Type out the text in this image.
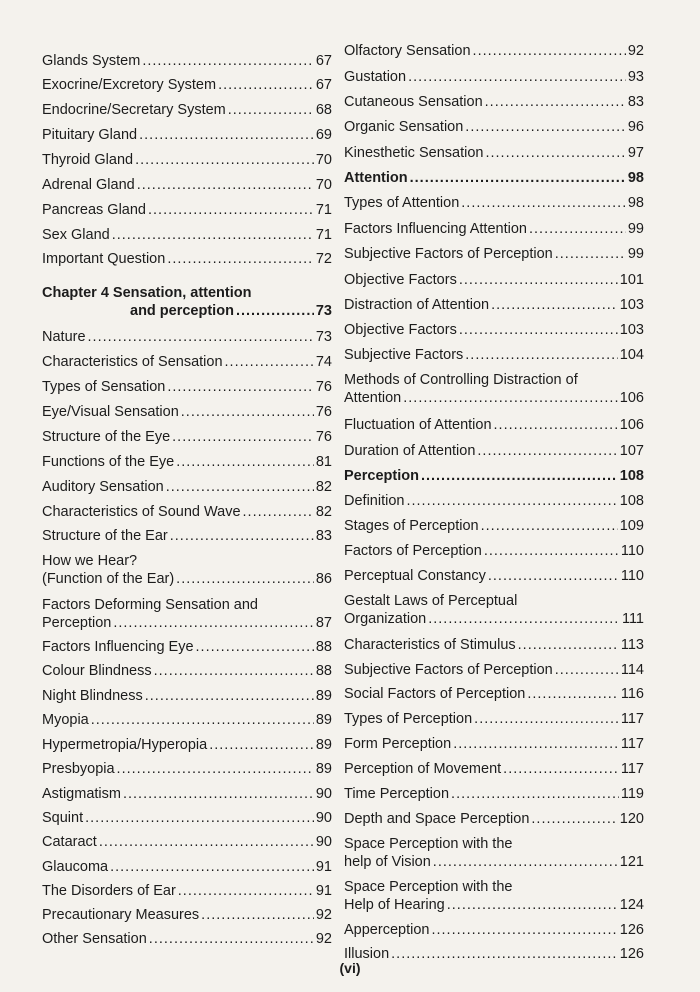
Glands System .....	67
Exocrine/Excretory System .....	67
Endocrine/Secretary System .....	68
Pituitary Gland .....	69
Thyroid Gland .....	70
Adrenal Gland .....	70
Pancreas Gland .....	71
Sex Gland .....	71
Important Question .....	72
Chapter 4 Sensation, attention
and perception .....	73
Nature .....	73
Characteristics of Sensation .....	74
Types of Sensation .....	76
Eye/Visual Sensation .....	76
Structure of the Eye .....	76
Functions of the Eye .....	81
Auditory Sensation .....	82
Characteristics of Sound Wave .....	82
Structure of the Ear .....	83
How we Hear?
(Function of the Ear) .....	86
Factors Deforming Sensation and
Perception .....	87
Factors Influencing Eye .....	88
Colour Blindness .....	88
Night Blindness .....	89
Myopia .....	89
Hypermetropia/Hyperopia .....	89
Presbyopia .....	89
Astigmatism .....	90
Squint .....	90
Cataract .....	90
Glaucoma .....	91
The Disorders of Ear .....	91
Precautionary Measures .....	92
Other Sensation .....	92
Olfactory Sensation .....	92
Gustation .....	93
Cutaneous Sensation .....	83
Organic Sensation .....	96
Kinesthetic Sensation .....	97
Attention .....	98
Types of Attention .....	98
Factors Influencing Attention .....	99
Subjective Factors of Perception .....	99
Objective Factors .....	101
Distraction of Attention .....	103
Objective Factors .....	103
Subjective Factors .....	104
Methods of Controlling Distraction of
Attention .....	106
Fluctuation of Attention .....	106
Duration of Attention .....	107
Perception .....	108
Definition .....	108
Stages of Perception .....	109
Factors of Perception .....	110
Perceptual Constancy .....	110
Gestalt Laws of Perceptual
Organization .....	111
Characteristics of Stimulus .....	113
Subjective Factors of Perception .....	114
Social Factors of Perception .....	116
Types of Perception .....	117
Form Perception .....	117
Perception of Movement .....	117
Time Perception .....	119
Depth and Space Perception .....	120
Space Perception with the
help of Vision .....	121
Space Perception with the
Help of Hearing .....	124
Apperception .....	126
Illusion .....	126
(vi)
